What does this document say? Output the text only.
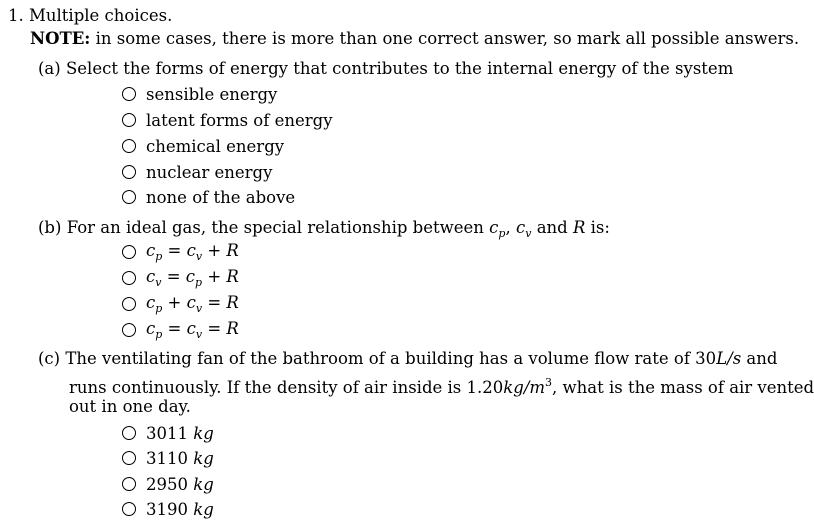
1. Multiple choices.
NOTE: in some cases, there is more than one correct answer, so mark all possible answers.
(a) Select the forms of energy that contributes to the internal energy of the system
sensible energy
latent forms of energy
chemical energy
nuclear energy
none of the above
(b) For an ideal gas, the special relationship between $c_p$, $c_v$ and R is:
$c_p = c_v + R$
$c_v = c_p + R$
$c_p + c_v = R$
$c_p = c_v = R$
(c) The ventilating fan of the bathroom of a building has a volume flow rate of 30L/s and
runs continuously. If the density of air inside is $1.20kg/m^3$, what is the mass of air vented
out in one day.
3011 kg
3110 kg
2950 kg
3190 kg
